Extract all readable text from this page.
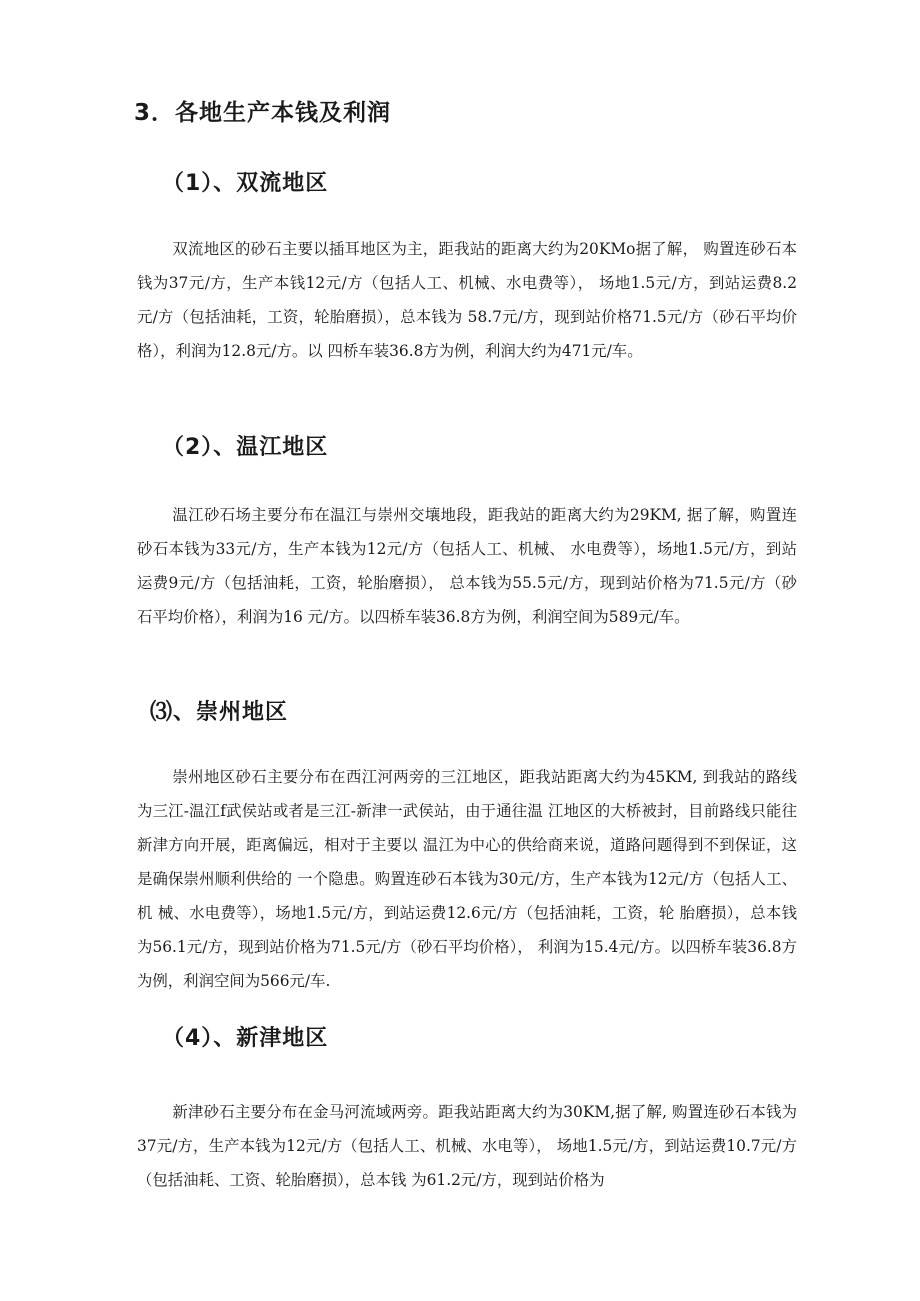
3．各地生产本钱及利润
（1）、双流地区

双流地区的砂石主要以插耳地区为主，距我站的距离大约为20KMo据了解， 购置连砂石本钱为37元/方，生产本钱12元/方（包括人工、机械、水电费等）， 场地1.5元/方，到站运费8.2元/方（包括油耗，工资，轮胎磨损），总本钱为 58.7元/方，现到站价格71.5元/方（砂石平均价格），利润为12.8元/方。以 四桥车装36.8方为例，利润大约为471元/车。

（2）、温江地区

温江砂石场主要分布在温江与崇州交壤地段，距我站的距离大约为29KM, 据了解，购置连砂石本钱为33元/方，生产本钱为12元/方（包括人工、机械、 水电费等），场地1.5元/方，到站运费9元/方（包括油耗，工资，轮胎磨损）， 总本钱为55.5元/方，现到站价格为71.5元/方（砂石平均价格），利润为16 元/方。以四桥车装36.8方为例，利润空间为589元/车。

⑶、崇州地区

崇州地区砂石主要分布在西江河两旁的三江地区，距我站距离大约为45KM, 到我站的路线为三江-温江f武侯站或者是三江-新津一武侯站，由于通往温 江地区的大桥被封，目前路线只能往新津方向开展，距离偏远，相对于主要以 温江为中心的供给商来说，道路问题得到不到保证，这是确保崇州顺利供给的 一个隐患。购置连砂石本钱为30元/方，生产本钱为12元/方（包括人工、机 械、水电费等），场地1.5元/方，到站运费12.6元/方（包括油耗，工资，轮 胎磨损），总本钱为56.1元/方，现到站价格为71.5元/方（砂石平均价格）， 利润为15.4元/方。以四桥车装36.8方为例，利润空间为566元/车.

（4）、新津地区

新津砂石主要分布在金马河流域两旁。距我站距离大约为30KM,据了解, 购置连砂石本钱为37元/方，生产本钱为12元/方（包括人工、机械、水电等）， 场地1.5元/方，到站运费10.7元/方（包括油耗、工资、轮胎磨损），总本钱 为61.2元/方，现到站价格为
